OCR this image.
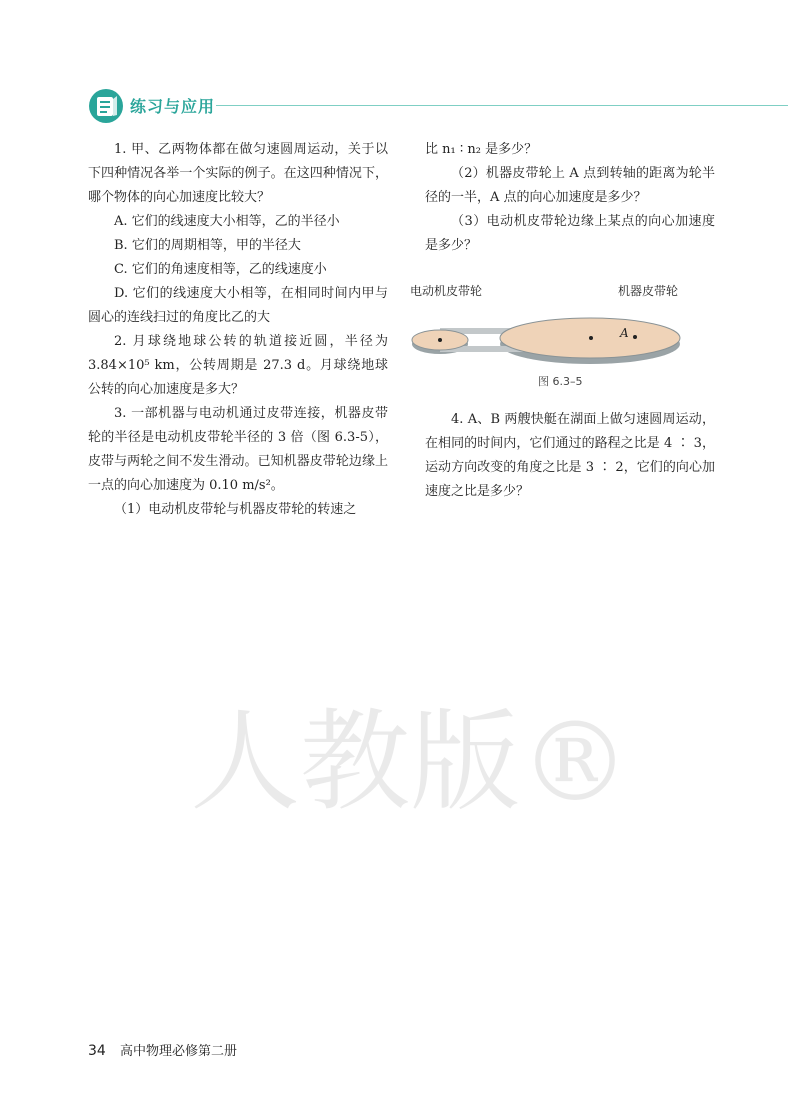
练习与应用

1. 甲、乙两物体都在做匀速圆周运动，关于以下四种情况各举一个实际的例子。在这四种情况下，哪个物体的向心加速度比较大？

A. 它们的线速度大小相等，乙的半径小

B. 它们的周期相等，甲的半径大

C. 它们的角速度相等，乙的线速度小

D. 它们的线速度大小相等，在相同时间内甲与圆心的连线扫过的角度比乙的大

2. 月球绕地球公转的轨道接近圆，半径为 3.84×10⁵ km，公转周期是 27.3 d。月球绕地球公转的向心加速度是多大？

3. 一部机器与电动机通过皮带连接，机器皮带轮的半径是电动机皮带轮半径的 3 倍（图 6.3-5），皮带与两轮之间不发生滑动。已知机器皮带轮边缘上一点的向心加速度为 0.10 m/s²。

（1）电动机皮带轮与机器皮带轮的转速之

比 n₁ ∶ n₂ 是多少？

（2）机器皮带轮上 A 点到转轴的距离为轮半径的一半，A 点的向心加速度是多少？

（3）电动机皮带轮边缘上某点的向心加速度是多少？

电动机皮带轮	机器皮带轮
A
图 6.3–5

4. A、B 两艘快艇在湖面上做匀速圆周运动，在相同的时间内，它们通过的路程之比是 4 ∶ 3，运动方向改变的角度之比是 3 ∶ 2，它们的向心加速度之比是多少？

人教版®
34 高中物理必修第二册
